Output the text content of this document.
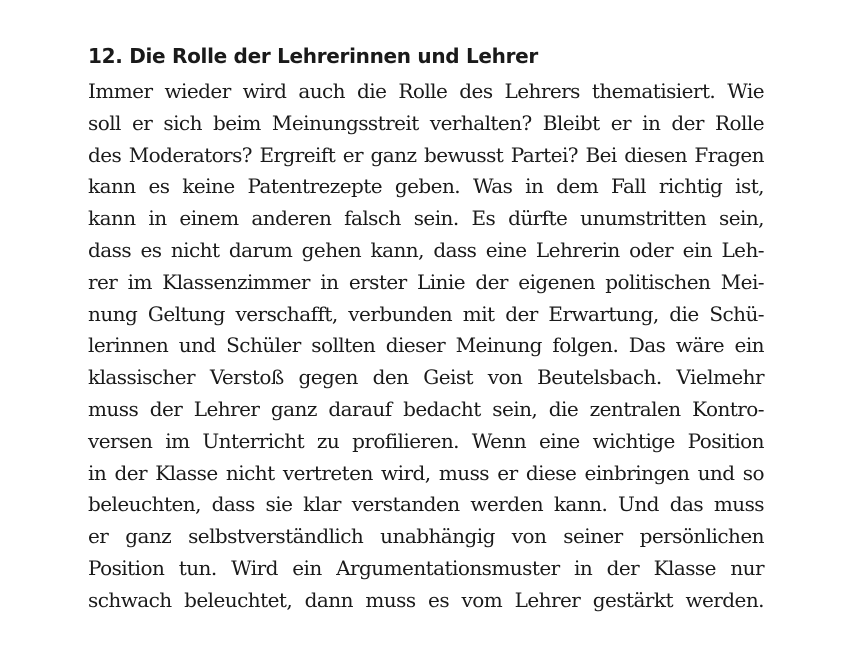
12. Die Rolle der Lehrerinnen und Lehrer
Immer wieder wird auch die Rolle des Lehrers thematisiert. Wie
soll er sich beim Meinungsstreit verhalten? Bleibt er in der Rolle
des Moderators? Ergreift er ganz bewusst Partei? Bei diesen Fragen
kann es keine Patentrezepte geben. Was in dem Fall richtig ist,
kann in einem anderen falsch sein. Es dürfte unumstritten sein,
dass es nicht darum gehen kann, dass eine Lehrerin oder ein Leh-
rer im Klassenzimmer in erster Linie der eigenen politischen Mei-
nung Geltung verschafft, verbunden mit der Erwartung, die Schü-
lerinnen und Schüler sollten dieser Meinung folgen. Das wäre ein
klassischer Verstoß gegen den Geist von Beutelsbach. Vielmehr
muss der Lehrer ganz darauf bedacht sein, die zentralen Kontro-
versen im Unterricht zu profilieren. Wenn eine wichtige Position
in der Klasse nicht vertreten wird, muss er diese einbringen und so
beleuchten, dass sie klar verstanden werden kann. Und das muss
er ganz selbstverständlich unabhängig von seiner persönlichen
Position tun. Wird ein Argumentationsmuster in der Klasse nur
schwach beleuchtet, dann muss es vom Lehrer gestärkt werden.
